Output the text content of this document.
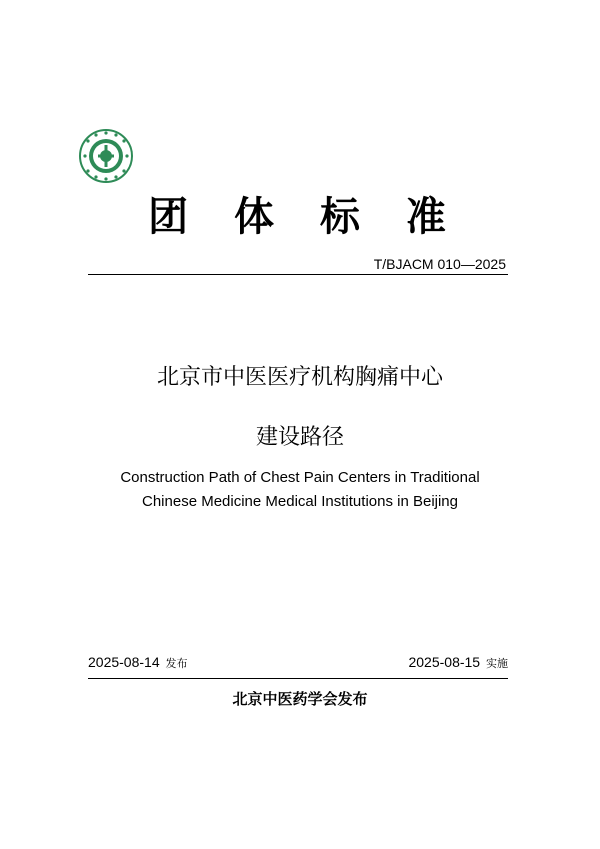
团 体 标 准
T/BJACM 010—2025
北京市中医医疗机构胸痛中心
建设路径
Construction Path of Chest Pain Centers in Traditional
Chinese Medicine Medical Institutions in Beijing
2025-08-14 发布	2025-08-15 实施
北京中医药学会发布
